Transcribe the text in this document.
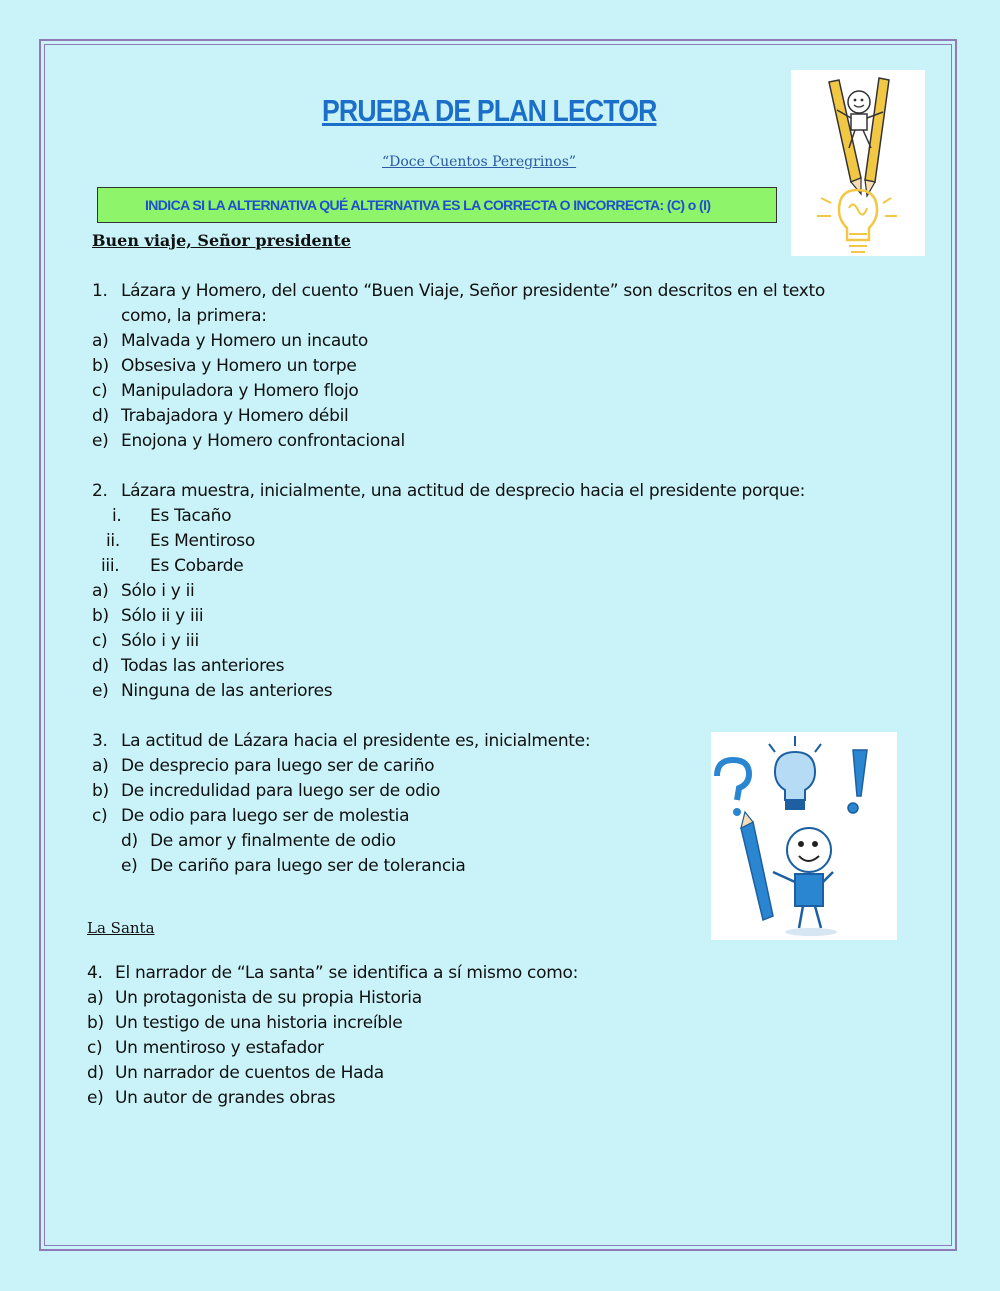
PRUEBA DE PLAN LECTOR
“Doce Cuentos Peregrinos”
INDICA SI LA ALTERNATIVA QUÉ ALTERNATIVA ES LA CORRECTA O INCORRECTA: (C) o (I)
Buen viaje, Señor presidente
1. Lázara y Homero, del cuento “Buen Viaje, Señor presidente” son descritos en el texto
como, la primera:
a) Malvada y Homero un incauto
b) Obsesiva y Homero un torpe
c) Manipuladora y Homero flojo
d) Trabajadora y Homero débil
e) Enojona y Homero confrontacional
2. Lázara muestra, inicialmente, una actitud de desprecio hacia el presidente porque:
i. Es Tacaño
ii. Es Mentiroso
iii. Es Cobarde
a) Sólo i y ii
b) Sólo ii y iii
c) Sólo i y iii
d) Todas las anteriores
e) Ninguna de las anteriores
3. La actitud de Lázara hacia el presidente es, inicialmente:
a) De desprecio para luego ser de cariño
b) De incredulidad para luego ser de odio
c) De odio para luego ser de molestia
d) De amor y finalmente de odio
e) De cariño para luego ser de tolerancia
La Santa
4. El narrador de “La santa” se identifica a sí mismo como:
a) Un protagonista de su propia Historia
b) Un testigo de una historia increíble
c) Un mentiroso y estafador
d) Un narrador de cuentos de Hada
e) Un autor de grandes obras
